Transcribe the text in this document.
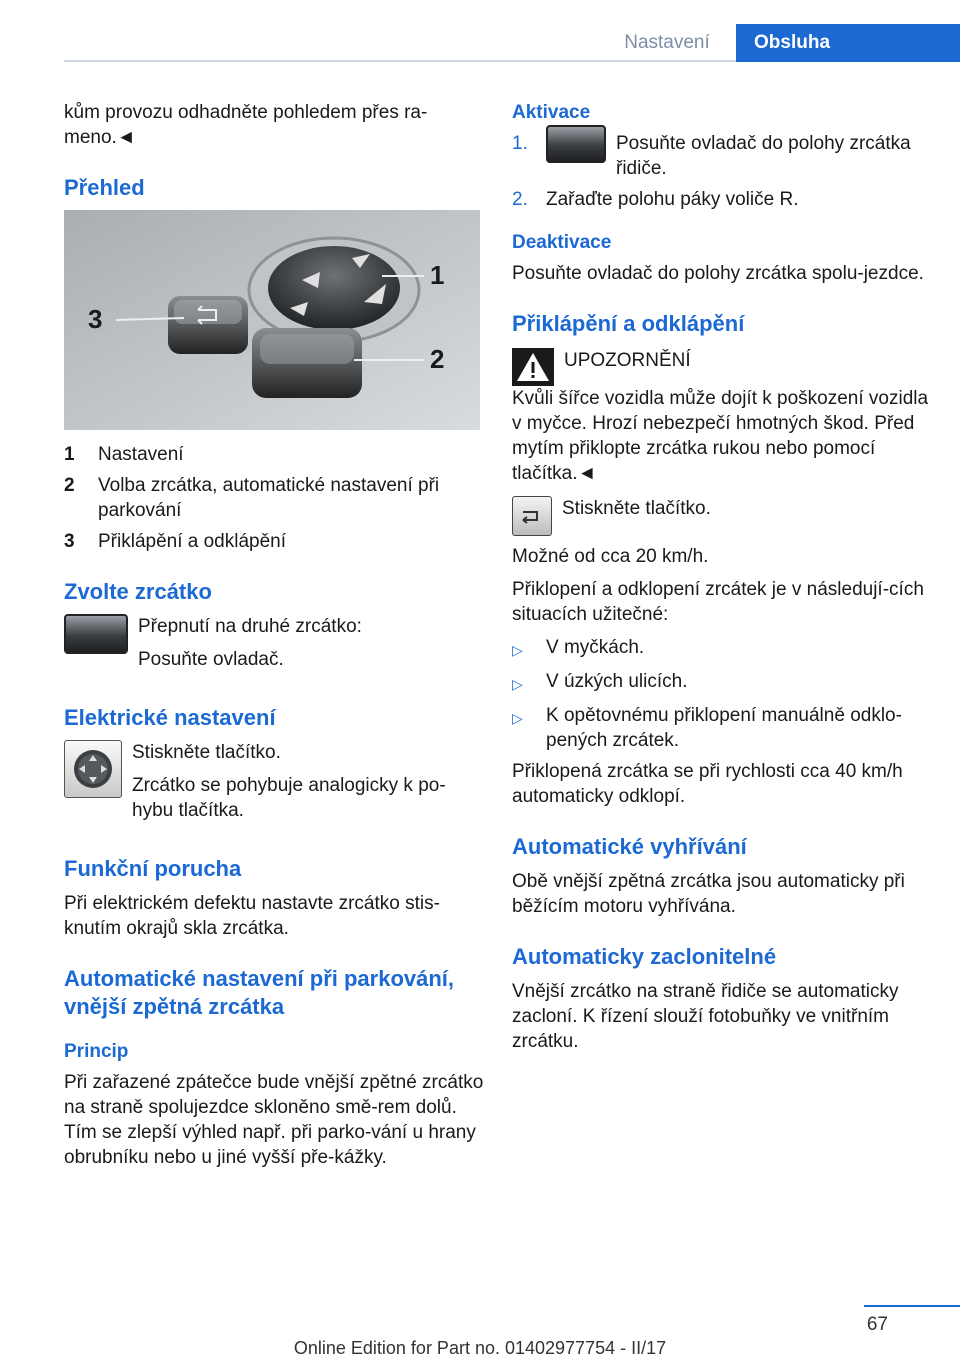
Nastavení	Obsluha

kům provozu odhadněte pohledem přes ra-meno.◄

Přehled
3
2
1
1	Nastavení
2	Volba zrcátka, automatické nastavení při parkování
3	Přiklápění a odklápění
Zvolte zrcátko

Přepnutí na druhé zrcátko:

Posuňte ovladač.

Elektrické nastavení

Stiskněte tlačítko.

Zrcátko se pohybuje analogicky k po-hybu tlačítka.

Funkční porucha

Při elektrickém defektu nastavte zrcátko stis-knutím okrajů skla zrcátka.

Automatické nastavení při parkování, vnější zpětná zrcátka
Princip

Při zařazené zpátečce bude vnější zpětné zrcátko na straně spolujezdce skloněno smě-rem dolů. Tím se zlepší výhled např. při parko-vání u hrany obrubníku nebo u jiné vyšší pře-kážky.

Aktivace
1.	Posuňte ovladač do polohy zrcátka řidiče.
2. Zařaďte polohu páky voliče R.
Deaktivace

Posuňte ovladač do polohy zrcátka spolu-jezdce.

Přiklápění a odklápění
UPOZORNĚNÍ

Kvůli šířce vozidla může dojít k poškození vozidla v myčce. Hrozí nebezpečí hmotných škod. Před mytím přiklopte zrcátka rukou nebo pomocí tlačítka.◄

Stiskněte tlačítko.

Možné od cca 20 km/h.

Přiklopení a odklopení zrcátek je v následují-cích situacích užitečné:

▷	V myčkách.
▷	V úzkých ulicích.
▷	K opětovnému přiklopení manuálně odklo-pených zrcátek.

Přiklopená zrcátka se při rychlosti cca 40 km/h automaticky odklopí.

Automatické vyhřívání

Obě vnější zpětná zrcátka jsou automaticky při běžícím motoru vyhřívána.

Automaticky zaclonitelné

Vnější zrcátko na straně řidiče se automaticky zacloní. K řízení slouží fotobuňky ve vnitřním zrcátku.

67
Online Edition for Part no. 01402977754 - II/17
